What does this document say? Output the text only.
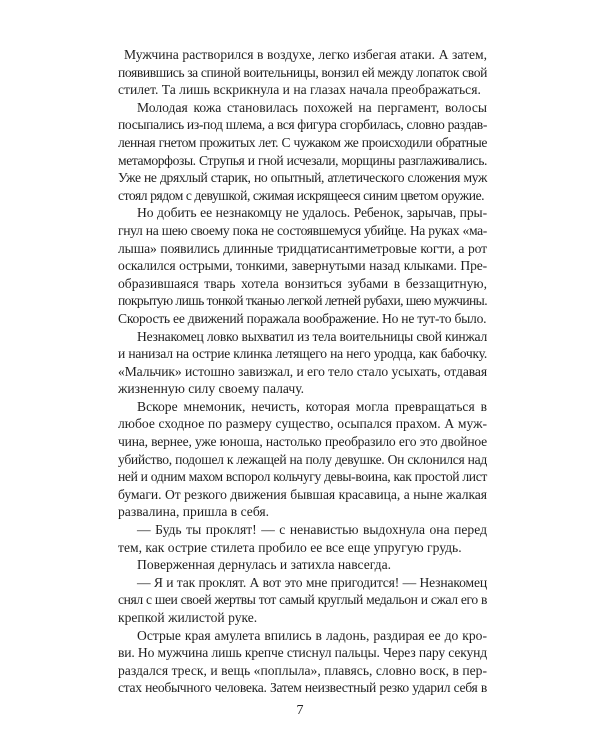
Мужчина растворился в воздухе, легко избегая атаки. А затем,
появившись за спиной воительницы, вонзил ей между лопаток свой
стилет. Та лишь вскрикнула и на глазах начала преображаться.
Молодая кожа становилась похожей на пергамент, волосы
посыпались из-под шлема, а вся фигура сгорбилась, словно раздав-
ленная гнетом прожитых лет. С чужаком же происходили обратные
метаморфозы. Струпья и гной исчезали, морщины разглаживались.
Уже не дряхлый старик, но опытный, атлетического сложения муж
стоял рядом с девушкой, сжимая искрящееся синим цветом оружие.
Но добить ее незнакомцу не удалось. Ребенок, зарычав, пры-
гнул на шею своему пока не состоявшемуся убийце. На руках «ма-
лыша» появились длинные тридцатисантиметровые когти, а рот
оскалился острыми, тонкими, завернутыми назад клыками. Пре-
образившаяся тварь хотела вонзиться зубами в беззащитную,
покрытую лишь тонкой тканью легкой летней рубахи, шею мужчины.
Скорость ее движений поражала воображение. Но не тут-то было.
Незнакомец ловко выхватил из тела воительницы свой кинжал
и нанизал на острие клинка летящего на него уродца, как бабочку.
«Мальчик» истошно завизжал, и его тело стало усыхать, отдавая
жизненную силу своему палачу.
Вскоре мнемоник, нечисть, которая могла превращаться в
любое сходное по размеру существо, осыпался прахом. А муж-
чина, вернее, уже юноша, настолько преобразило его это двойное
убийство, подошел к лежащей на полу девушке. Он склонился над
ней и одним махом вспорол кольчугу девы-воина, как простой лист
бумаги. От резкого движения бывшая красавица, а ныне жалкая
развалина, пришла в себя.
— Будь ты проклят! — с ненавистью выдохнула она перед
тем, как острие стилета пробило ее все еще упругую грудь.
Поверженная дернулась и затихла навсегда.
— Я и так проклят. А вот это мне пригодится! — Незнакомец
снял с шеи своей жертвы тот самый круглый медальон и сжал его в
крепкой жилистой руке.
Острые края амулета впились в ладонь, раздирая ее до кро-
ви. Но мужчина лишь крепче стиснул пальцы. Через пару секунд
раздался треск, и вещь «поплыла», плавясь, словно воск, в пер-
стах необычного человека. Затем неизвестный резко ударил себя в
7
